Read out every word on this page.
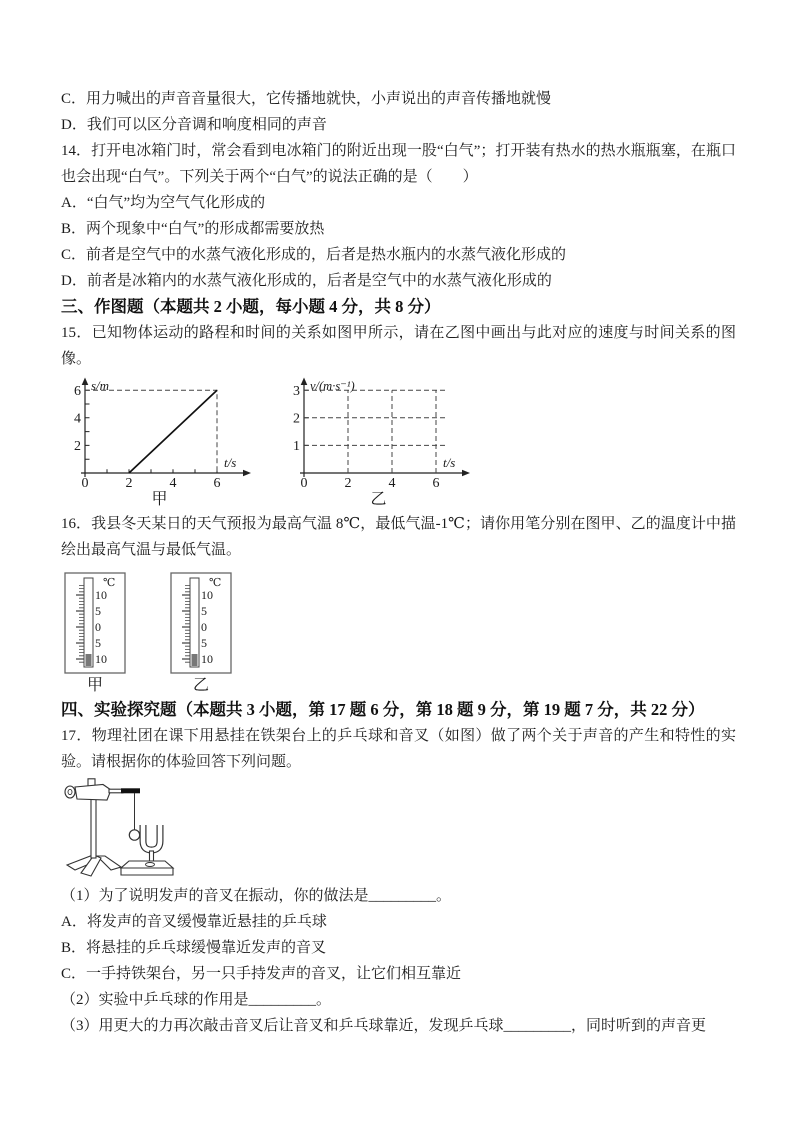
C．用力喊出的声音音量很大，它传播地就快，小声说出的声音传播地就慢

D．我们可以区分音调和响度相同的声音

14．打开电冰箱门时，常会看到电冰箱门的附近出现一股“白气”；打开装有热水的热水瓶瓶塞，在瓶口也会出现“白气”。下列关于两个“白气”的说法正确的是（　　）

A．“白气”均为空气气化形成的

B．两个现象中“白气”的形成都需要放热

C．前者是空气中的水蒸气液化形成的，后者是热水瓶内的水蒸气液化形成的

D．前者是冰箱内的水蒸气液化形成的，后者是空气中的水蒸气液化形成的

三、作图题（本题共 2 小题，每小题 4 分，共 8 分）

15．已知物体运动的路程和时间的关系如图甲所示，请在乙图中画出与此对应的速度与时间关系的图像。

s/m
t/s
6
4
2
0	2	4	6
甲
v/(m·s⁻¹)
t/s
3
2
1
0	2	4	6
乙

16．我县冬天某日的天气预报为最高气温 8℃，最低气温-1℃；请你用笔分别在图甲、乙的温度计中描绘出最高气温与最低气温。

℃
10
5
0
5
10
甲
℃
10
5
0
5
10
乙
四、实验探究题（本题共 3 小题，第 17 题 6 分，第 18 题 9 分，第 19 题 7 分，共 22 分）

17．物理社团在课下用悬挂在铁架台上的乒乓球和音叉（如图）做了两个关于声音的产生和特性的实验。请根据你的体验回答下列问题。

（1）为了说明发声的音叉在振动，你的做法是_________。

A．将发声的音叉缓慢靠近悬挂的乒乓球

B．将悬挂的乒乓球缓慢靠近发声的音叉

C．一手持铁架台，另一只手持发声的音叉，让它们相互靠近

（2）实验中乒乓球的作用是_________。

（3）用更大的力再次敲击音叉后让音叉和乒乓球靠近，发现乒乓球_________，同时听到的声音更
